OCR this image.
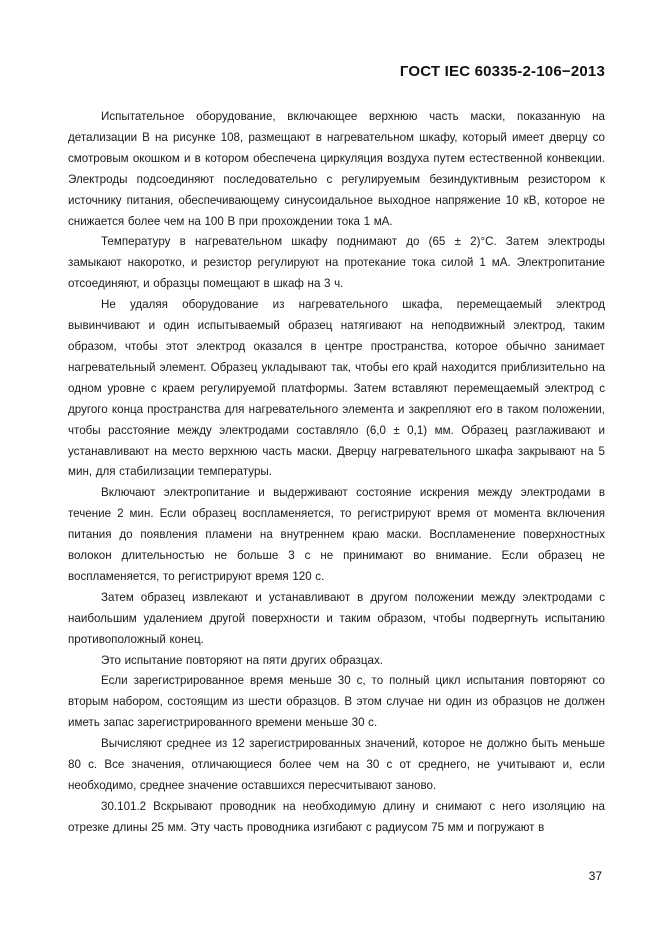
ГОСТ IEC 60335-2-106−2013

Испытательное оборудование, включающее верхнюю часть маски, показанную на детализации В на рисунке 108, размещают в нагревательном шкафу, который имеет дверцу со смотровым окошком и в котором обеспечена циркуляция воздуха путем естественной конвекции. Электроды подсоединяют последовательно с регулируемым безиндуктивным резистором к источнику питания, обеспечивающему синусоидальное выходное напряжение 10 кВ, которое не снижается более чем на 100 В при прохождении тока 1 мА.

Температуру в нагревательном шкафу поднимают до (65 ± 2)°С. Затем электроды замыкают накоротко, и резистор регулируют на протекание тока силой 1 мА. Электропитание отсоединяют, и образцы помещают в шкаф на 3 ч.

Не удаляя оборудование из нагревательного шкафа, перемещаемый электрод вывинчивают и один испытываемый образец натягивают на неподвижный электрод, таким образом, чтобы этот электрод оказался в центре пространства, которое обычно занимает нагревательный элемент. Образец укладывают так, чтобы его край находится приблизительно на одном уровне с краем регулируемой платформы. Затем вставляют перемещаемый электрод с другого конца пространства для нагревательного элемента и закрепляют его в таком положении, чтобы расстояние между электродами составляло (6,0 ± 0,1) мм. Образец разглаживают и устанавливают на место верхнюю часть маски. Дверцу нагревательного шкафа закрывают на 5 мин, для стабилизации температуры.

Включают электропитание и выдерживают состояние искрения между электродами в течение 2 мин. Если образец воспламеняется, то регистрируют время от момента включения питания до появления пламени на внутреннем краю маски. Воспламенение поверхностных волокон длительностью не больше 3 с не принимают во внимание. Если образец не воспламеняется, то регистрируют время 120 с.

Затем образец извлекают и устанавливают в другом положении между электродами с наибольшим удалением другой поверхности и таким образом, чтобы подвергнуть испытанию противоположный конец.

Это испытание повторяют на пяти других образцах.

Если зарегистрированное время меньше 30 с, то полный цикл испытания повторяют со вторым набором, состоящим из шести образцов. В этом случае ни один из образцов не должен иметь запас зарегистрированного времени меньше 30 с.

Вычисляют среднее из 12 зарегистрированных значений, которое не должно быть меньше 80 с. Все значения, отличающиеся более чем на 30 с от среднего, не учитывают и, если необходимо, среднее значение оставшихся пересчитывают заново.

30.101.2 Вскрывают проводник на необходимую длину и снимают с него изоляцию на отрезке длины 25 мм. Эту часть проводника изгибают с радиусом 75 мм и погружают в

37
